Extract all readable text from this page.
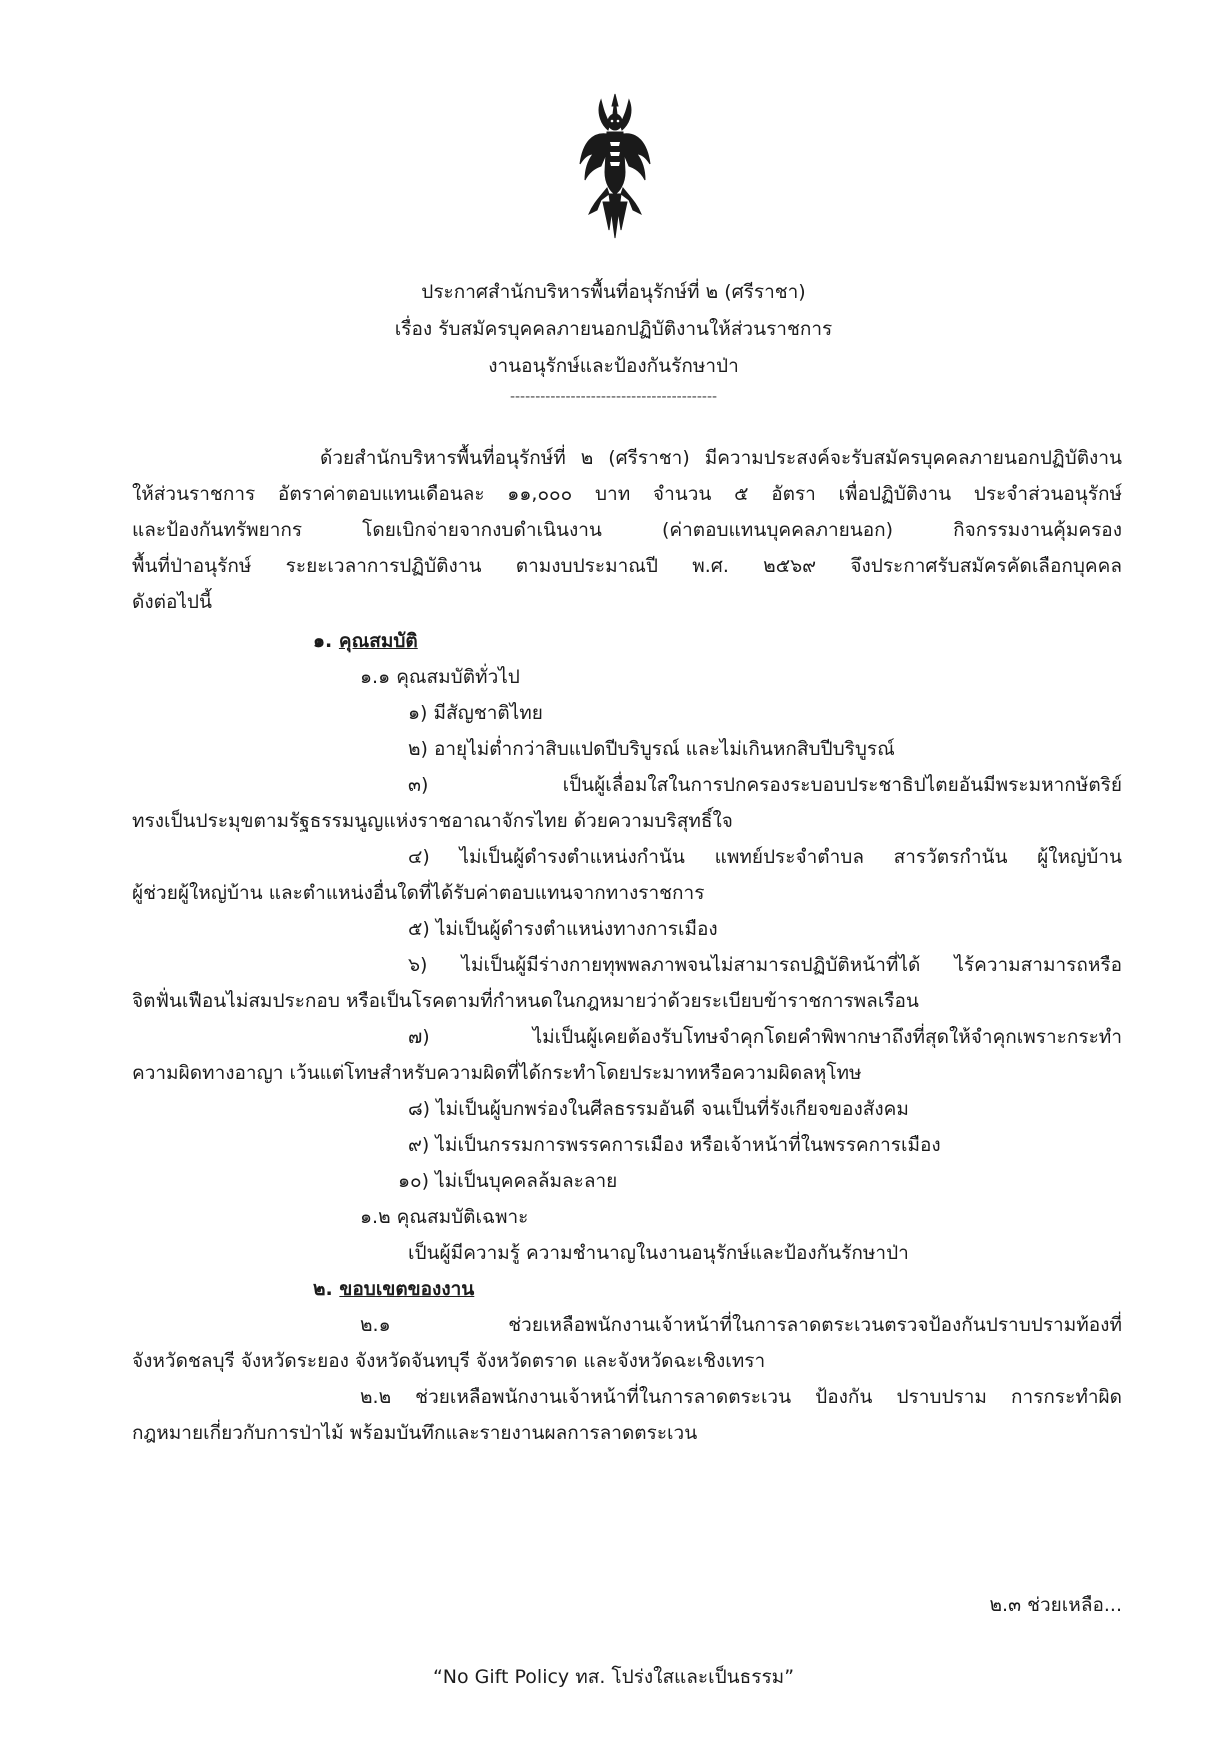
ประกาศสำนักบริหารพื้นที่อนุรักษ์ที่ ๒ (ศรีราชา)
เรื่อง รับสมัครบุคคลภายนอกปฏิบัติงานให้ส่วนราชการ
งานอนุรักษ์และป้องกันรักษาป่า
-----------------------------------------
ด้วยสำนักบริหารพื้นที่อนุรักษ์ที่ ๒ (ศรีราชา) มีความประสงค์จะรับสมัครบุคคลภายนอกปฏิบัติงาน
ให้ส่วนราชการ อัตราค่าตอบแทนเดือนละ ๑๑,๐๐๐ บาท จำนวน ๕ อัตรา เพื่อปฏิบัติงาน ประจำส่วนอนุรักษ์
และป้องกันทรัพยากร โดยเบิกจ่ายจากงบดำเนินงาน (ค่าตอบแทนบุคคลภายนอก) กิจกรรมงานคุ้มครอง
พื้นที่ป่าอนุรักษ์ ระยะเวลาการปฏิบัติงาน ตามงบประมาณปี พ.ศ. ๒๕๖๙ จึงประกาศรับสมัครคัดเลือกบุคคล
ดังต่อไปนี้
๑. คุณสมบัติ
๑.๑ คุณสมบัติทั่วไป
๑) มีสัญชาติไทย
๒) อายุไม่ต่ำกว่าสิบแปดปีบริบูรณ์ และไม่เกินหกสิบปีบริบูรณ์
๓) เป็นผู้เลื่อมใสในการปกครองระบอบประชาธิปไตยอันมีพระมหากษัตริย์
ทรงเป็นประมุขตามรัฐธรรมนูญแห่งราชอาณาจักรไทย ด้วยความบริสุทธิ์ใจ
๔) ไม่เป็นผู้ดำรงตำแหน่งกำนัน แพทย์ประจำตำบล สารวัตรกำนัน ผู้ใหญ่บ้าน
ผู้ช่วยผู้ใหญ่บ้าน และตำแหน่งอื่นใดที่ได้รับค่าตอบแทนจากทางราชการ
๕) ไม่เป็นผู้ดำรงตำแหน่งทางการเมือง
๖) ไม่เป็นผู้มีร่างกายทุพพลภาพจนไม่สามารถปฏิบัติหน้าที่ได้ ไร้ความสามารถหรือ
จิตฟั่นเฟือนไม่สมประกอบ หรือเป็นโรคตามที่กำหนดในกฎหมายว่าด้วยระเบียบข้าราชการพลเรือน
๗) ไม่เป็นผู้เคยต้องรับโทษจำคุกโดยคำพิพากษาถึงที่สุดให้จำคุกเพราะกระทำ
ความผิดทางอาญา เว้นแต่โทษสำหรับความผิดที่ได้กระทำโดยประมาทหรือความผิดลหุโทษ
๘) ไม่เป็นผู้บกพร่องในศีลธรรมอันดี จนเป็นที่รังเกียจของสังคม
๙) ไม่เป็นกรรมการพรรคการเมือง หรือเจ้าหน้าที่ในพรรคการเมือง
๑๐) ไม่เป็นบุคคลล้มละลาย
๑.๒ คุณสมบัติเฉพาะ
เป็นผู้มีความรู้ ความชำนาญในงานอนุรักษ์และป้องกันรักษาป่า
๒. ขอบเขตของงาน
๒.๑ ช่วยเหลือพนักงานเจ้าหน้าที่ในการลาดตระเวนตรวจป้องกันปราบปรามท้องที่
จังหวัดชลบุรี จังหวัดระยอง จังหวัดจันทบุรี จังหวัดตราด และจังหวัดฉะเชิงเทรา
๒.๒ ช่วยเหลือพนักงานเจ้าหน้าที่ในการลาดตระเวน ป้องกัน ปราบปราม การกระทำผิด
กฎหมายเกี่ยวกับการป่าไม้ พร้อมบันทึกและรายงานผลการลาดตระเวน
๒.๓ ช่วยเหลือ...
“No Gift Policy ทส. โปร่งใสและเป็นธรรม”
